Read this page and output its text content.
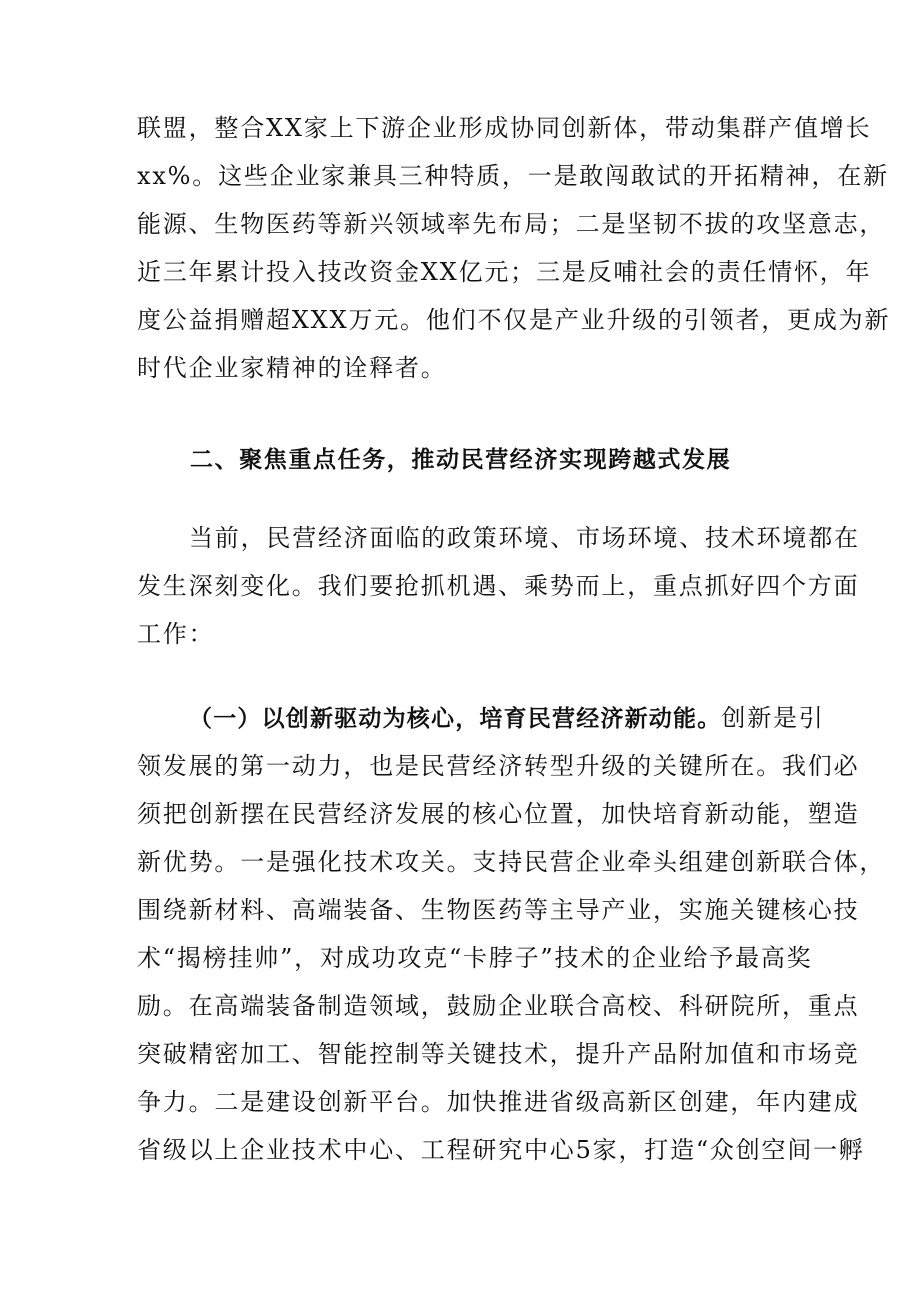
联盟，整合XX家上下游企业形成协同创新体，带动集群产值增长
xx%。这些企业家兼具三种特质，一是敢闯敢试的开拓精神，在新
能源、生物医药等新兴领域率先布局；二是坚韧不拔的攻坚意志，
近三年累计投入技改资金XX亿元；三是反哺社会的责任情怀，年
度公益捐赠超XXX万元。他们不仅是产业升级的引领者，更成为新
时代企业家精神的诠释者。

二、聚焦重点任务，推动民营经济实现跨越式发展

当前，民营经济面临的政策环境、市场环境、技术环境都在
发生深刻变化。我们要抢抓机遇、乘势而上，重点抓好四个方面
工作：

（一）以创新驱动为核心，培育民营经济新动能。创新是引
领发展的第一动力，也是民营经济转型升级的关键所在。我们必
须把创新摆在民营经济发展的核心位置，加快培育新动能，塑造
新优势。一是强化技术攻关。支持民营企业牵头组建创新联合体，
围绕新材料、高端装备、生物医药等主导产业，实施关键核心技
术“揭榜挂帅”，对成功攻克“卡脖子”技术的企业给予最高奖
励。在高端装备制造领域，鼓励企业联合高校、科研院所，重点
突破精密加工、智能控制等关键技术，提升产品附加值和市场竞
争力。二是建设创新平台。加快推进省级高新区创建，年内建成
省级以上企业技术中心、工程研究中心5家，打造“众创空间一孵
